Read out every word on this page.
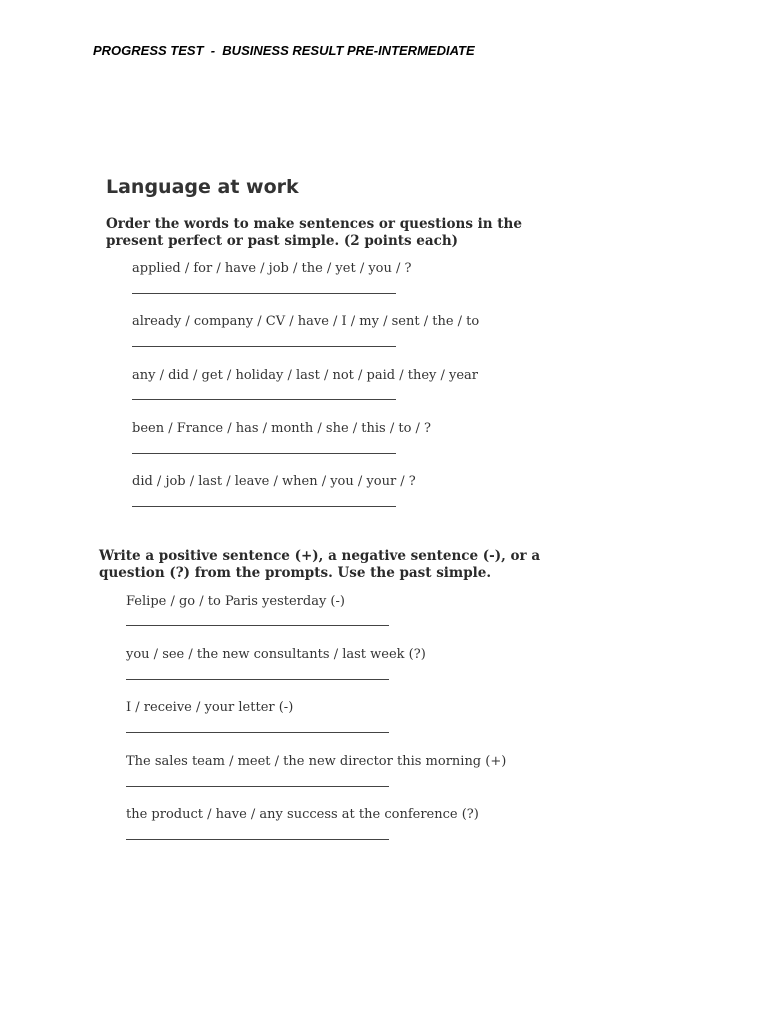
PROGRESS TEST  -  BUSINESS RESULT PRE-INTERMEDIATE
Language at work
Order the words to make sentences or questions in the
present perfect or past simple. (2 points each)
applied / for / have / job / the / yet / you / ?
already / company / CV / have / I / my / sent / the / to
any / did / get / holiday / last / not / paid / they / year
been / France / has / month / she / this / to / ?
did / job / last / leave / when / you / your / ?
Write a positive sentence (+), a negative sentence (-), or a
question (?) from the prompts. Use the past simple.
Felipe / go / to Paris yesterday (-)
you / see / the new consultants / last week (?)
I / receive / your letter (-)
The sales team / meet / the new director this morning (+)
the product / have / any success at the conference (?)
